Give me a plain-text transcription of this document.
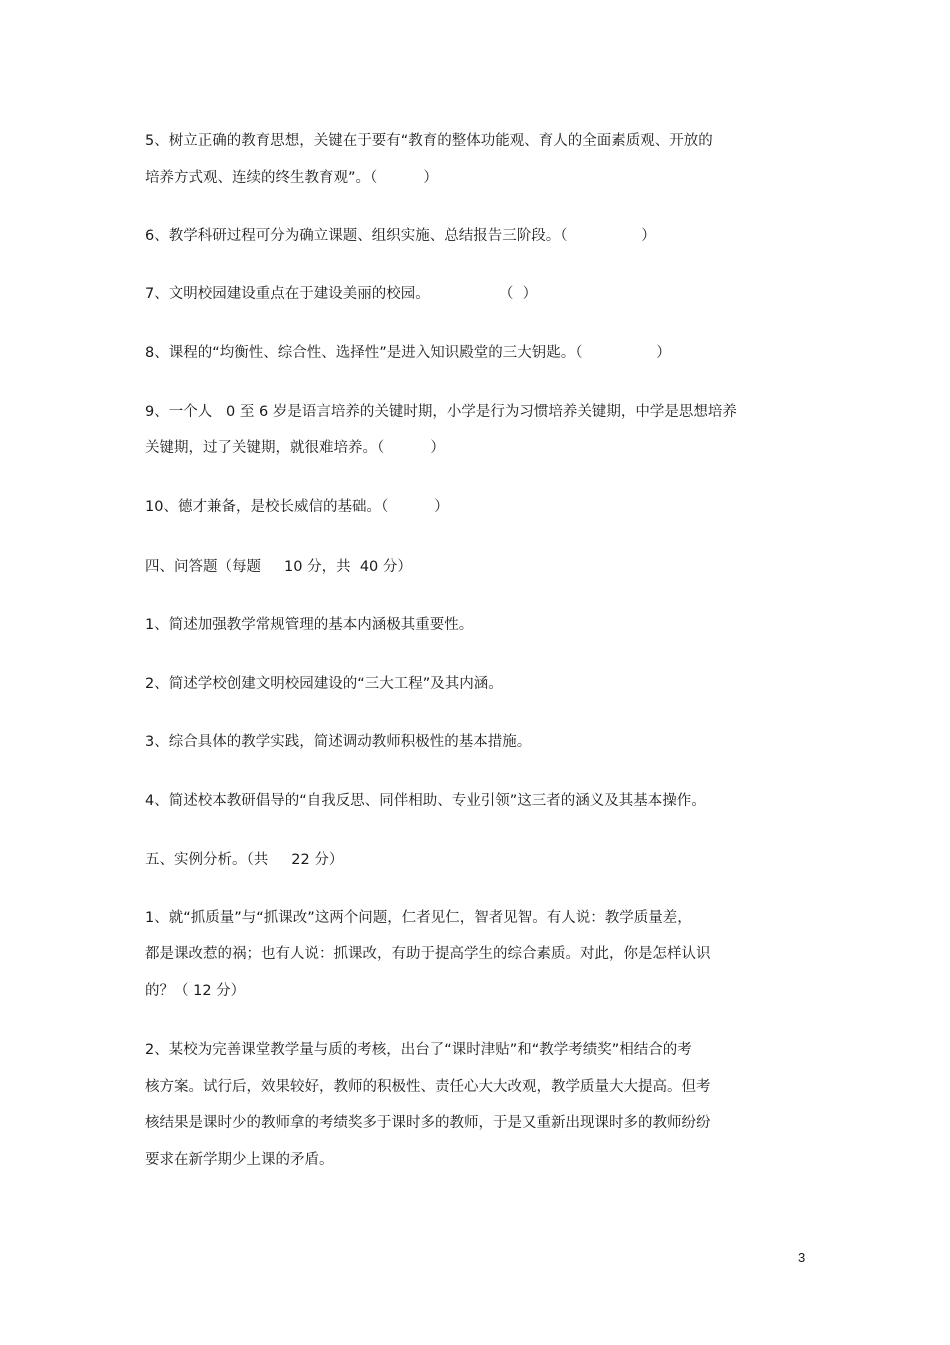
5、树立正确的教育思想，关键在于要有“教育的整体功能观、育人的全面素质观、开放的

培养方式观、连续的终生教育观”。（          ）

6、教学科研过程可分为确立课题、组织实施、总结报告三阶段。（                ）

7、文明校园建设重点在于建设美丽的校园。               （  ）

8、课程的“均衡性、综合性、选择性”是进入知识殿堂的三大钥匙。（                ）

9、一个人   0 至 6 岁是语言培养的关键时期，小学是行为习惯培养关键期，中学是思想培养

关键期，过了关键期，就很难培养。（          ）

10、德才兼备，是校长威信的基础。（          ）

四、问答题（每题     10 分，共  40 分）

1、简述加强教学常规管理的基本内涵极其重要性。

2、简述学校创建文明校园建设的“三大工程”及其内涵。

3、综合具体的教学实践，简述调动教师积极性的基本措施。

4、简述校本教研倡导的“自我反思、同伴相助、专业引领”这三者的涵义及其基本操作。

五、实例分析。（共     22 分）

1、就“抓质量”与“抓课改”这两个问题，仁者见仁，智者见智。有人说：教学质量差，

都是课改惹的祸；也有人说：抓课改，有助于提高学生的综合素质。对此，你是怎样认识

的？（ 12 分）

2、某校为完善课堂教学量与质的考核，出台了“课时津贴”和“教学考绩奖”相结合的考

核方案。试行后，效果较好，教师的积极性、责任心大大改观，教学质量大大提高。但考

核结果是课时少的教师拿的考绩奖多于课时多的教师，于是又重新出现课时多的教师纷纷

要求在新学期少上课的矛盾。

3
